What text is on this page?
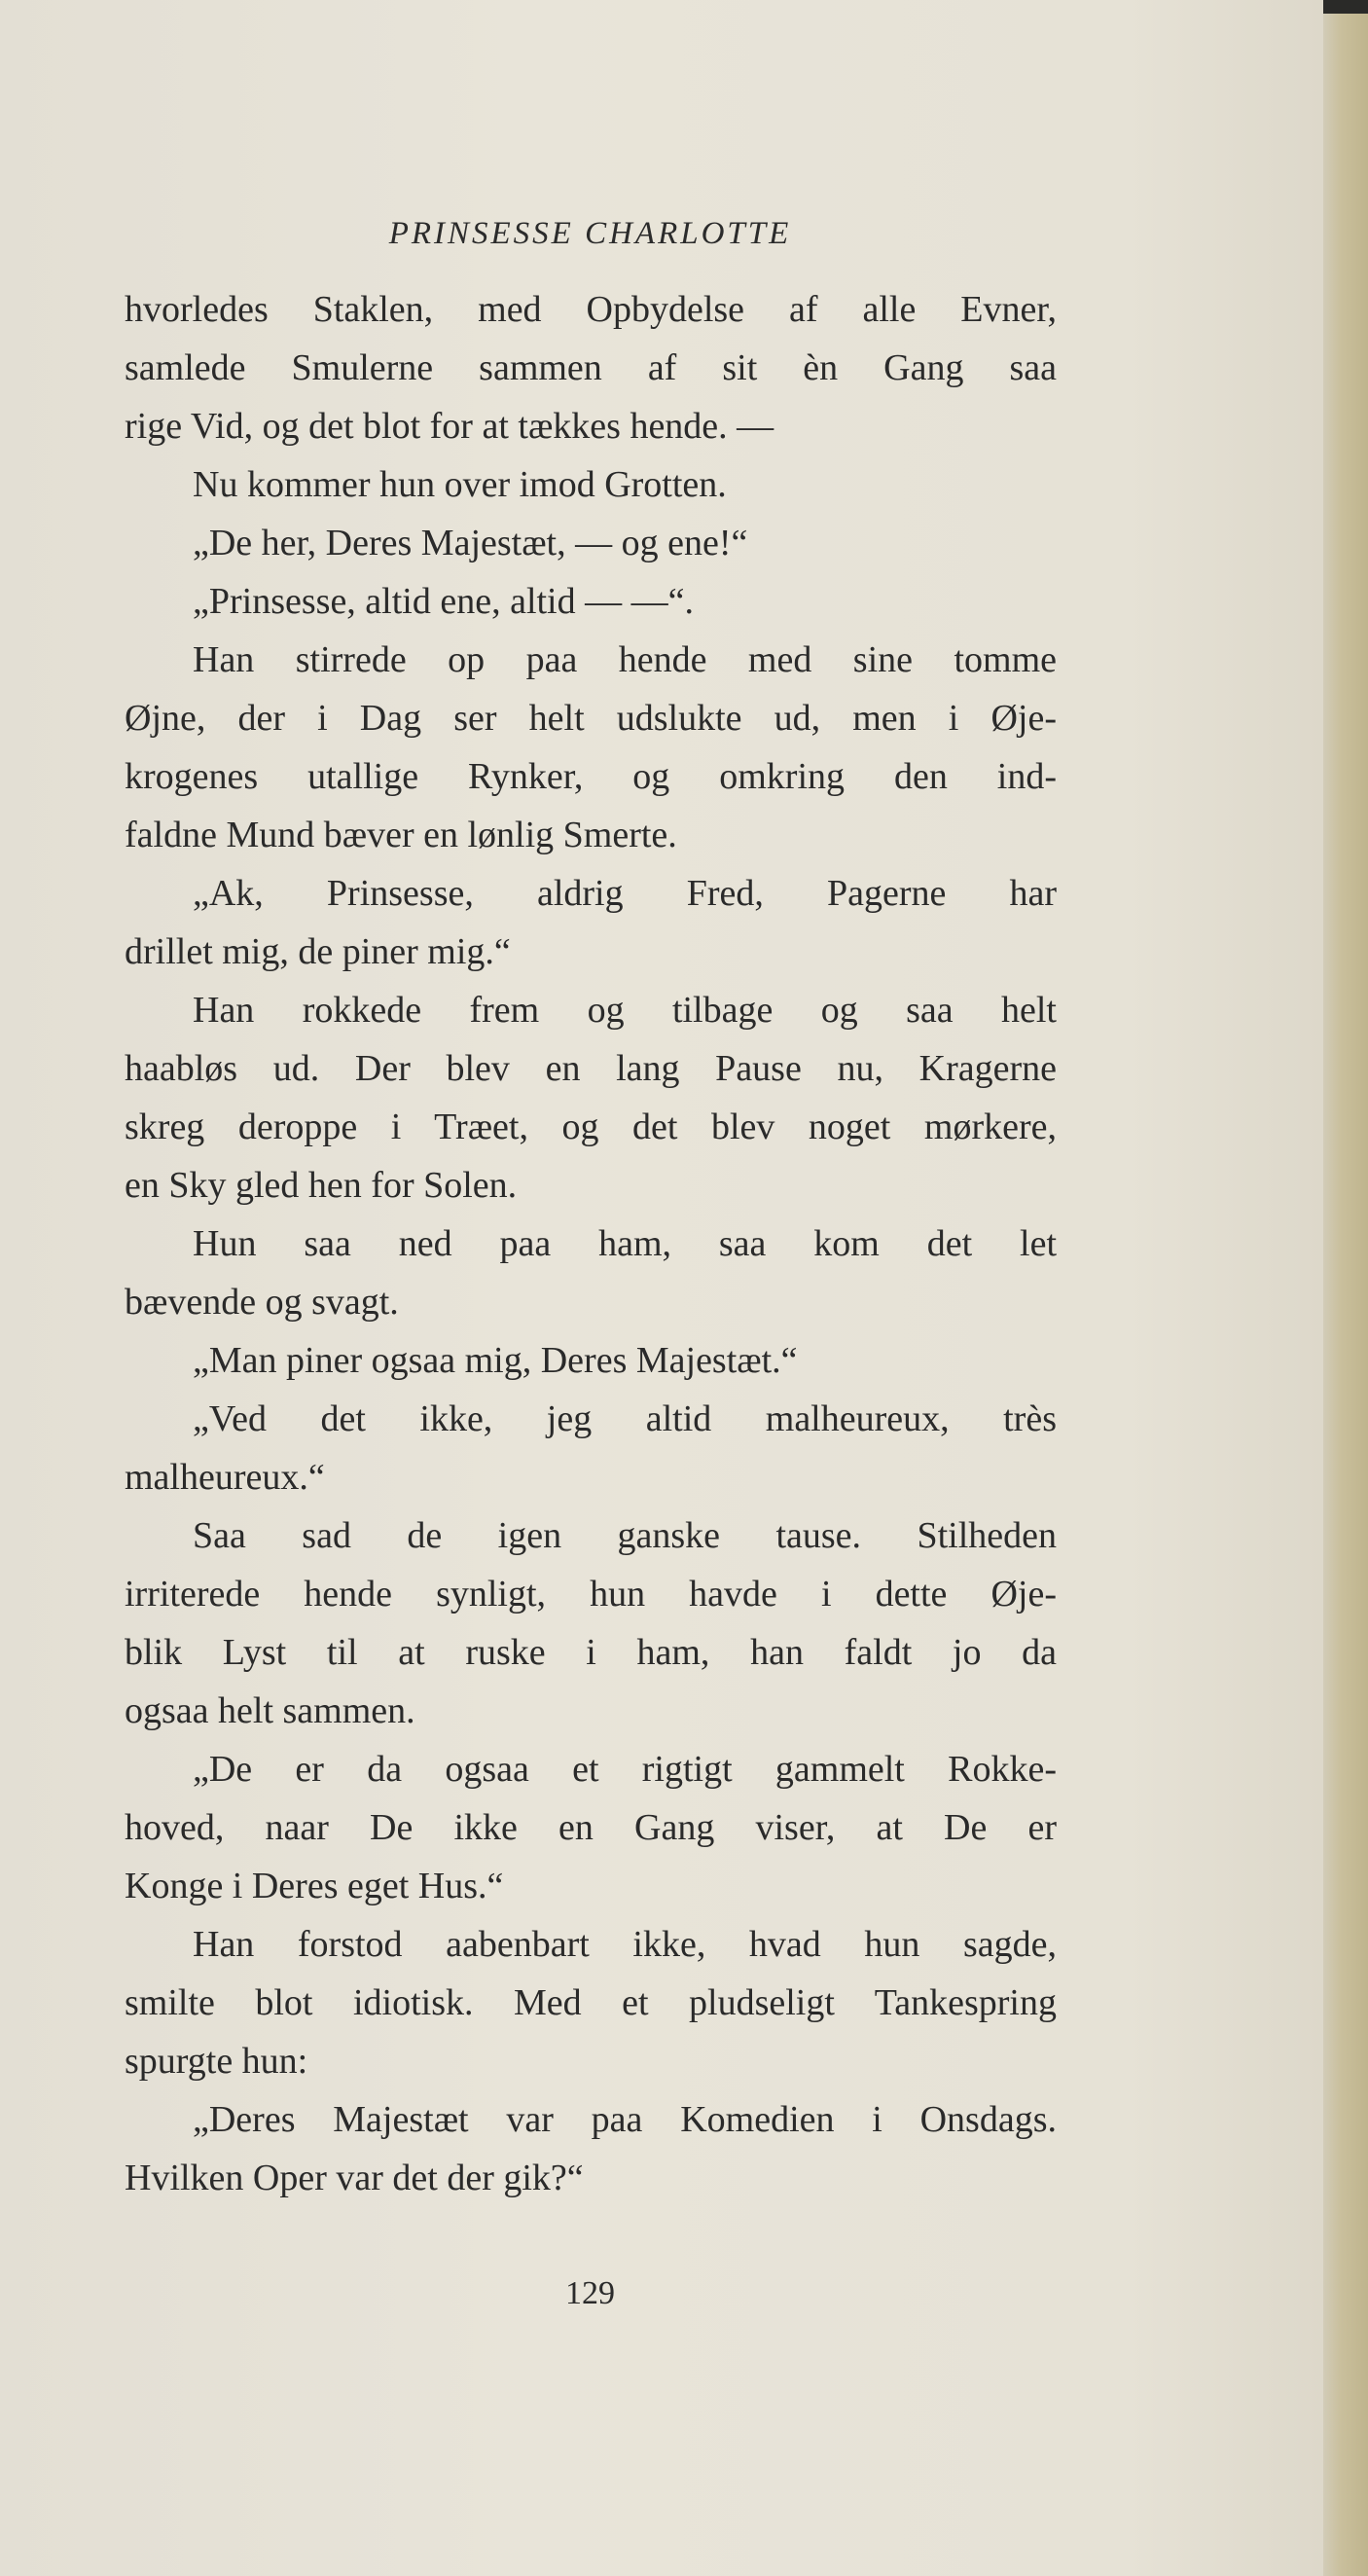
PRINSESSE CHARLOTTE
hvorledes Staklen, med Opbydelse af alle Evner,
samlede Smulerne sammen af sit èn Gang saa
rige Vid, og det blot for at tækkes hende. —
Nu kommer hun over imod Grotten.
„De her, Deres Majestæt, — og ene!“
„Prinsesse, altid ene, altid — —“.
Han stirrede op paa hende med sine tomme
Øjne, der i Dag ser helt udslukte ud, men i Øje-
krogenes utallige Rynker, og omkring den ind-
faldne Mund bæver en lønlig Smerte.
„Ak, Prinsesse, aldrig Fred, Pagerne har
drillet mig, de piner mig.“
Han rokkede frem og tilbage og saa helt
haabløs ud. Der blev en lang Pause nu, Kragerne
skreg deroppe i Træet, og det blev noget mørkere,
en Sky gled hen for Solen.
Hun saa ned paa ham, saa kom det let
bævende og svagt.
„Man piner ogsaa mig, Deres Majestæt.“
„Ved det ikke, jeg altid malheureux, très
malheureux.“
Saa sad de igen ganske tause. Stilheden
irriterede hende synligt, hun havde i dette Øje-
blik Lyst til at ruske i ham, han faldt jo da
ogsaa helt sammen.
„De er da ogsaa et rigtigt gammelt Rokke-
hoved, naar De ikke en Gang viser, at De er
Konge i Deres eget Hus.“
Han forstod aabenbart ikke, hvad hun sagde,
smilte blot idiotisk. Med et pludseligt Tankespring
spurgte hun:
„Deres Majestæt var paa Komedien i Onsdags.
Hvilken Oper var det der gik?“
129
